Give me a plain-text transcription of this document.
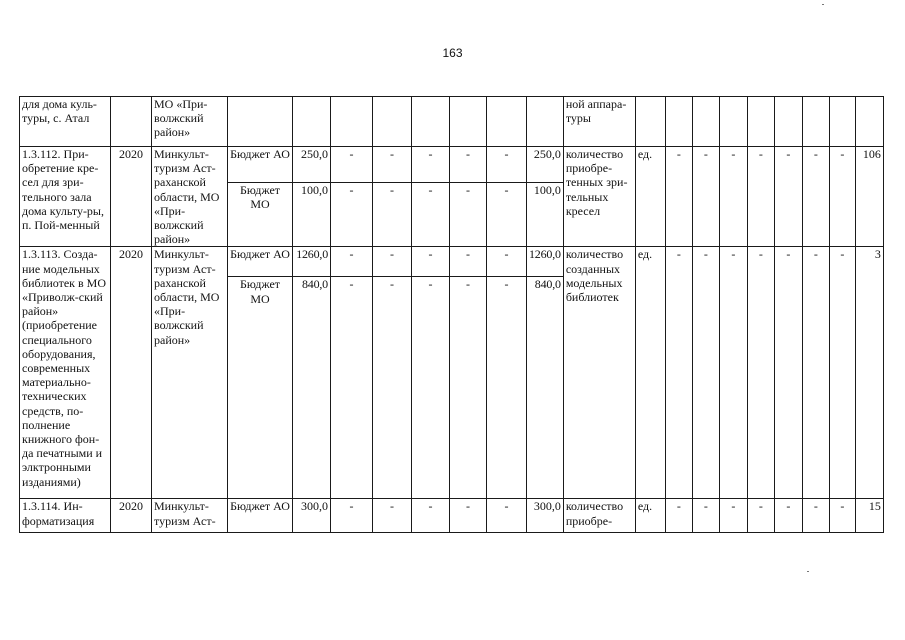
163
для дома куль-туры, с. Атал		МО «При-волжский район»									ной аппара-туры									
1.3.112. При-обретение кре-сел для зри-тельного зала дома культу-ры, п. Пой-менный	2020	Минкульт-туризм Аст-раханской области, МО «При-волжский район»	Бюджет АО	250,0	-	-	-	-	-	250,0	количество приобре-тенных зри-тельных кресел	ед.	-	-	-	-	-	-	-	106
			Бюджет МО	100,0	-	-	-	-	-	100,0										
1.3.113. Созда-ние модельных библиотек в МО «Приволж-ский район» (приобретение специального оборудования, современных материально-технических средств, по-полнение книжного фон-да печатными и элктронными изданиями)	2020	Минкульт-туризм Аст-раханской области, МО «При-волжский район»	Бюджет АО	1260,0	-	-	-	-	-	1260,0	количество созданных модельных библиотек	ед.	-	-	-	-	-	-	-	3
			Бюджет МО	840,0	-	-	-	-	-	840,0										
1.3.114. Ин-форматизация	2020	Минкульт-туризм Аст-	Бюджет АО	300,0	-	-	-	-	-	300,0	количество приобре-	ед.	-	-	-	-	-	-	-	15
